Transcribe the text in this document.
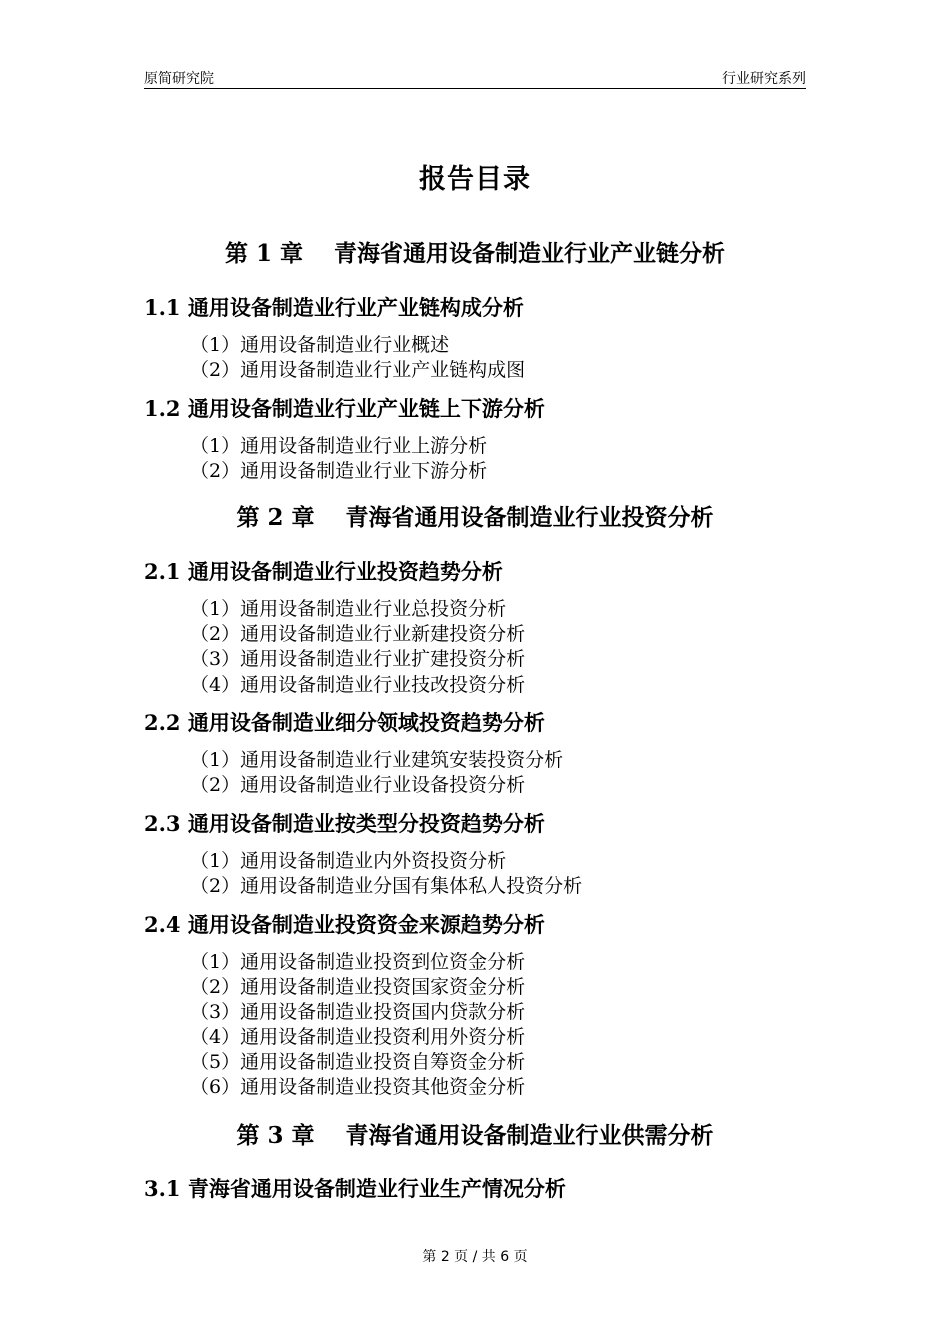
原简研究院	行业研究系列
报告目录
第 1 章　 青海省通用设备制造业行业产业链分析
1.1 通用设备制造业行业产业链构成分析
（1）通用设备制造业行业概述
（2）通用设备制造业行业产业链构成图
1.2 通用设备制造业行业产业链上下游分析
（1）通用设备制造业行业上游分析
（2）通用设备制造业行业下游分析
第 2 章　 青海省通用设备制造业行业投资分析
2.1 通用设备制造业行业投资趋势分析
（1）通用设备制造业行业总投资分析
（2）通用设备制造业行业新建投资分析
（3）通用设备制造业行业扩建投资分析
（4）通用设备制造业行业技改投资分析
2.2 通用设备制造业细分领域投资趋势分析
（1）通用设备制造业行业建筑安装投资分析
（2）通用设备制造业行业设备投资分析
2.3 通用设备制造业按类型分投资趋势分析
（1）通用设备制造业内外资投资分析
（2）通用设备制造业分国有集体私人投资分析
2.4 通用设备制造业投资资金来源趋势分析
（1）通用设备制造业投资到位资金分析
（2）通用设备制造业投资国家资金分析
（3）通用设备制造业投资国内贷款分析
（4）通用设备制造业投资利用外资分析
（5）通用设备制造业投资自筹资金分析
（6）通用设备制造业投资其他资金分析
第 3 章　 青海省通用设备制造业行业供需分析
3.1 青海省通用设备制造业行业生产情况分析
第 2 页 / 共 6 页
